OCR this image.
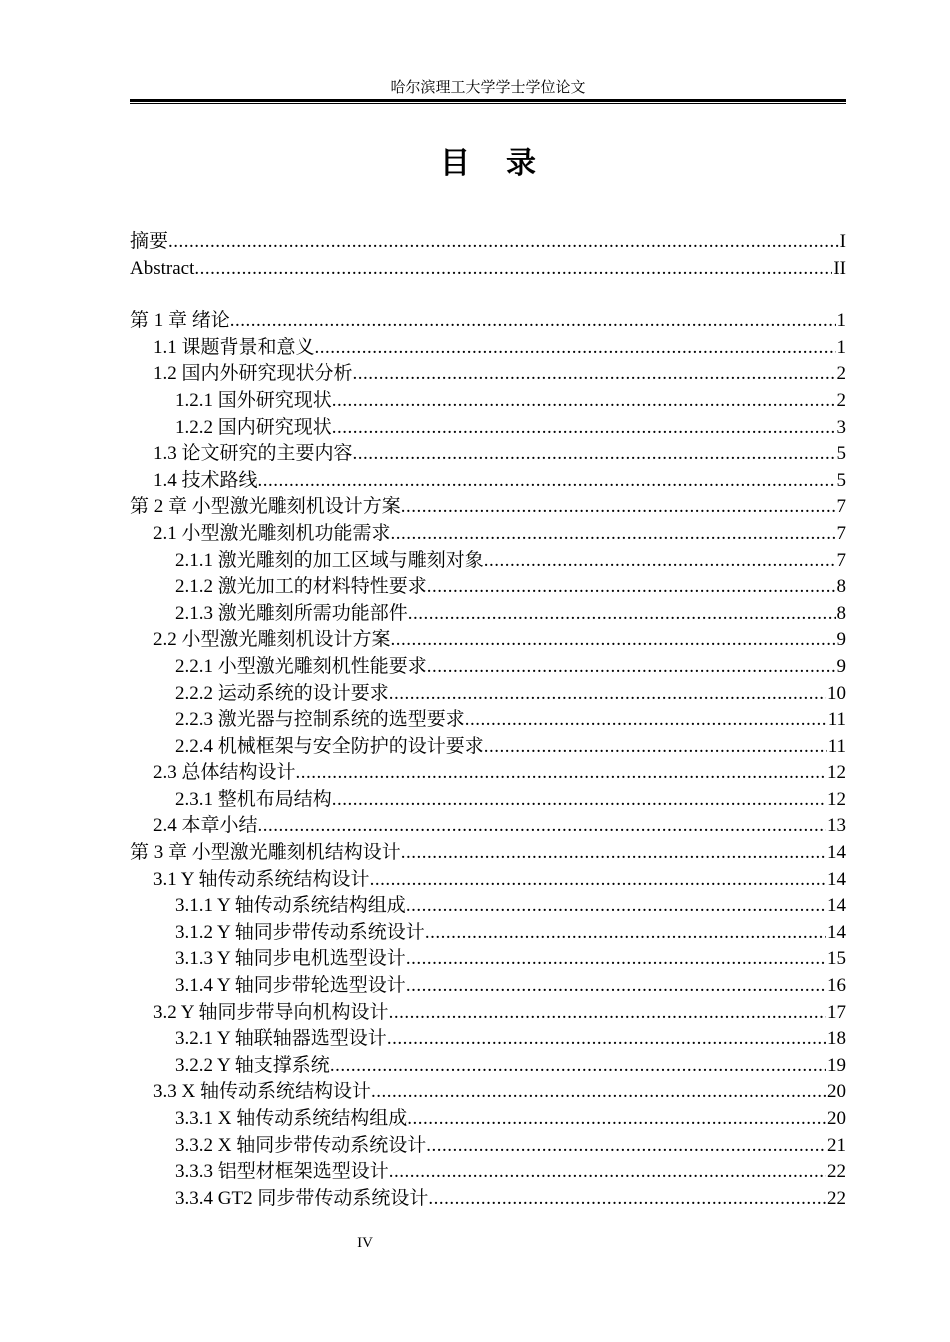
哈尔滨理工大学学士学位论文
目录
摘要 .....	I
Abstract .....	II
第 1 章 绪论 .....	1
1.1 课题背景和意义 .....	1
1.2 国内外研究现状分析 .....	2
1.2.1 国外研究现状 .....	2
1.2.2 国内研究现状 .....	3
1.3 论文研究的主要内容 .....	5
1.4 技术路线 .....	5
第 2 章 小型激光雕刻机设计方案 .....	7
2.1 小型激光雕刻机功能需求 .....	7
2.1.1 激光雕刻的加工区域与雕刻对象 .....	7
2.1.2 激光加工的材料特性要求 .....	8
2.1.3 激光雕刻所需功能部件 .....	8
2.2 小型激光雕刻机设计方案 .....	9
2.2.1 小型激光雕刻机性能要求 .....	9
2.2.2 运动系统的设计要求 .....	10
2.2.3 激光器与控制系统的选型要求 .....	11
2.2.4 机械框架与安全防护的设计要求 .....	11
2.3 总体结构设计 .....	12
2.3.1 整机布局结构 .....	12
2.4 本章小结 .....	13
第 3 章 小型激光雕刻机结构设计 .....	14
3.1 Y 轴传动系统结构设计 .....	14
3.1.1 Y 轴传动系统结构组成 .....	14
3.1.2 Y 轴同步带传动系统设计 .....	14
3.1.3 Y 轴同步电机选型设计 .....	15
3.1.4 Y 轴同步带轮选型设计 .....	16
3.2 Y 轴同步带导向机构设计 .....	17
3.2.1 Y 轴联轴器选型设计 .....	18
3.2.2 Y 轴支撑系统 .....	19
3.3 X 轴传动系统结构设计 .....	20
3.3.1 X 轴传动系统结构组成 .....	20
3.3.2 X 轴同步带传动系统设计 .....	21
3.3.3 铝型材框架选型设计 .....	22
3.3.4 GT2 同步带传动系统设计 .....	22
IV
